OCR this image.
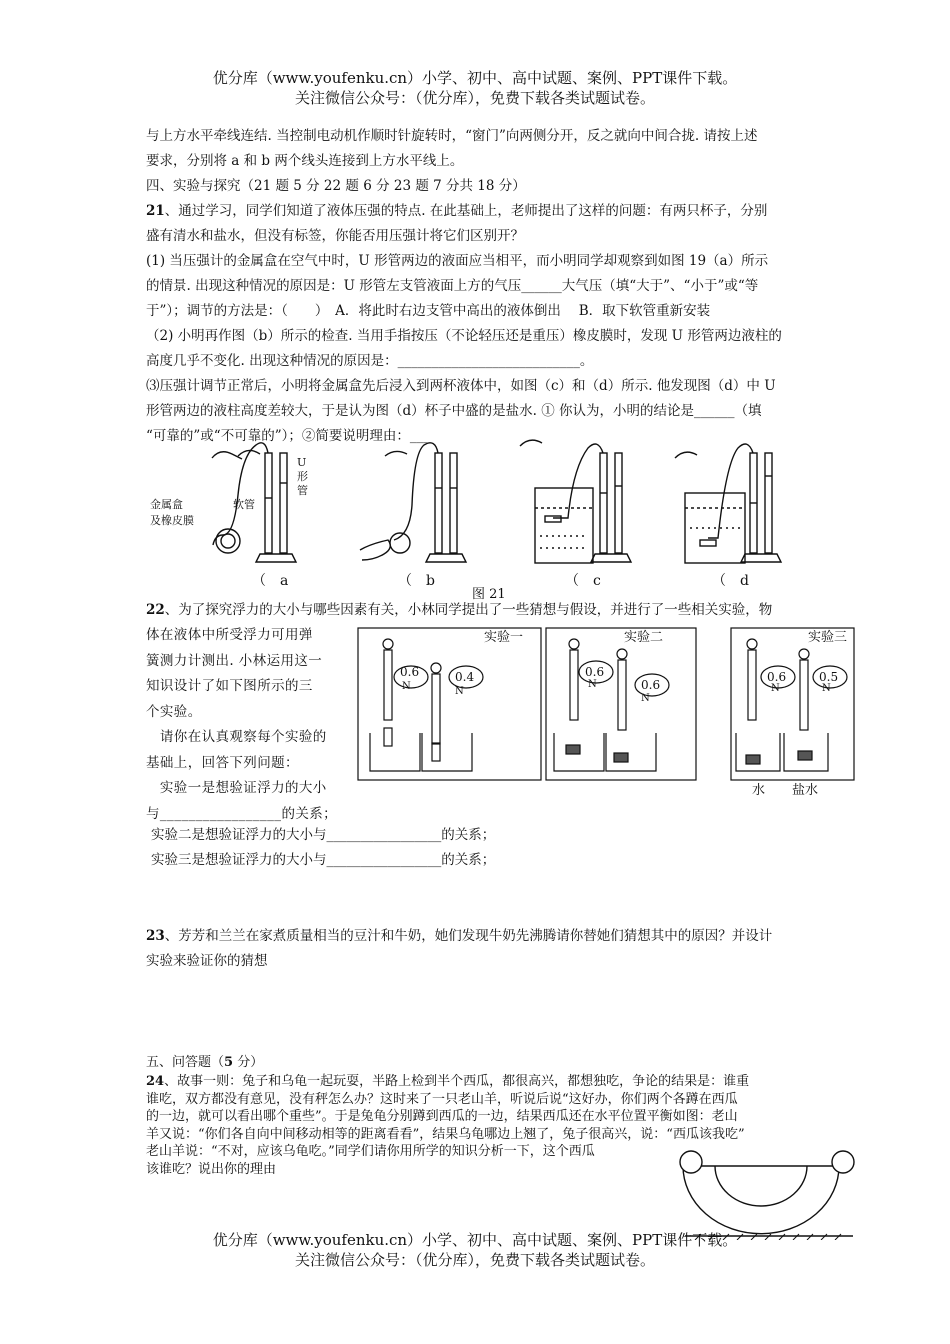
优分库（www.youfenku.cn）小学、初中、高中试题、案例、PPT课件下载。
关注微信公众号：（优分库），免费下载各类试题试卷。

与上方水平牵线连结. 当控制电动机作顺时针旋转时，“窗门”向两侧分开，反之就向中间合拢. 请按上述

要求，分别将 a 和 b 两个线头连接到上方水平线上。

四、实验与探究（21 题 5 分 22 题 6 分 23 题 7 分共 18 分）

21、通过学习，同学们知道了液体压强的特点. 在此基础上，老师提出了这样的问题：有两只杯子，分别

盛有清水和盐水，但没有标签，你能否用压强计将它们区别开？

(1) 当压强计的金属盒在空气中时，U 形管两边的液面应当相平，而小明同学却观察到如图 19（a）所示

的情景. 出现这种情况的原因是：U 形管左支管液面上方的气压______大气压（填“大于”、“小于”或“等

于”）；调节的方法是：（　　）　A．将此时右边支管中高出的液体倒出　 B．取下软管重新安装

（2) 小明再作图（b）所示的检查. 当用手指按压（不论轻压还是重压）橡皮膜时，发现 U 形管两边液柱的

高度几乎不变化. 出现这种情况的原因是：___________________________。

⑶压强计调节正常后，小明将金属盒先后浸入到两杯液体中，如图（c）和（d）所示. 他发现图（d）中 U

形管两边的液柱高度差较大，于是认为图（d）杯子中盛的是盐水. ① 你认为，小明的结论是______（填

“可靠的”或“不可靠的”）；②简要说明理由：___

U
形
管
软管
金属盒
及橡皮膜
（　a	（　b	（　c	（　d
图 21

22、为了探究浮力的大小与哪些因素有关，小林同学提出了一些猜想与假设，并进行了一些相关实验，物

体在液体中所受浮力可用弹
簧测力计测出. 小林运用这一
知识设计了如下图所示的三
个实验。
　请你在认真观察每个实验的
基础上，回答下列问题：
　实验一是想验证浮力的大小
与_________________的关系；

实验二是想验证浮力的大小与_________________的关系；

实验三是想验证浮力的大小与_________________的关系；

实验一	实验二	实验三
0.6	0.4	0.6
0.6
0.6	0.5
N	N
N
N
N	N
水 盐水

23、芳芳和兰兰在家煮质量相当的豆汁和牛奶，她们发现牛奶先沸腾请你替她们猜想其中的原因？并设计

实验来验证你的猜想

五、问答题（5 分）
24、故事一则：兔子和乌龟一起玩耍，半路上检到半个西瓜，都很高兴，都想独吃，争论的结果是：谁重
谁吃，双方都没有意见，没有秤怎么办？这时来了一只老山羊，听说后说“这好办，你们两个各蹲在西瓜
的一边，就可以看出哪个重些”。于是兔龟分别蹲到西瓜的一边，结果西瓜还在水平位置平衡如图：老山
羊又说：“你们各自向中间移动相等的距离看看”，结果乌龟哪边上翘了，兔子很高兴，说：“西瓜该我吃”
老山羊说：“不对，应该乌龟吃。”同学们请你用所学的知识分析一下，这个西瓜
该谁吃？说出你的理由
优分库（www.youfenku.cn）小学、初中、高中试题、案例、PPT课件下载。
关注微信公众号：（优分库），免费下载各类试题试卷。
